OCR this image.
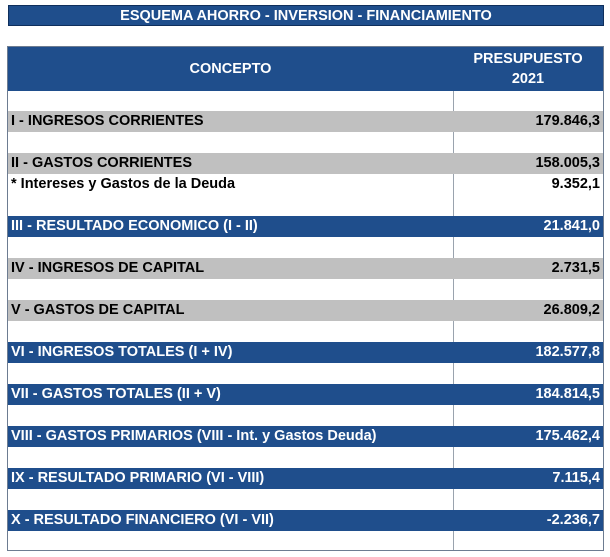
ESQUEMA AHORRO - INVERSION - FINANCIAMIENTO
CONCEPTO
PRESUPUESTO
2021
I - INGRESOS CORRIENTES	179.846,3
II - GASTOS CORRIENTES	158.005,3
* Intereses y Gastos de la Deuda	9.352,1
III - RESULTADO ECONOMICO (I - II)	21.841,0
IV - INGRESOS DE CAPITAL	2.731,5
V - GASTOS DE CAPITAL	26.809,2
VI - INGRESOS TOTALES (I + IV)	182.577,8
VII - GASTOS TOTALES (II + V)	184.814,5
VIII - GASTOS PRIMARIOS (VIII - Int. y Gastos Deuda)	175.462,4
IX - RESULTADO PRIMARIO (VI - VIII)	7.115,4
X - RESULTADO FINANCIERO (VI - VII)	-2.236,7
